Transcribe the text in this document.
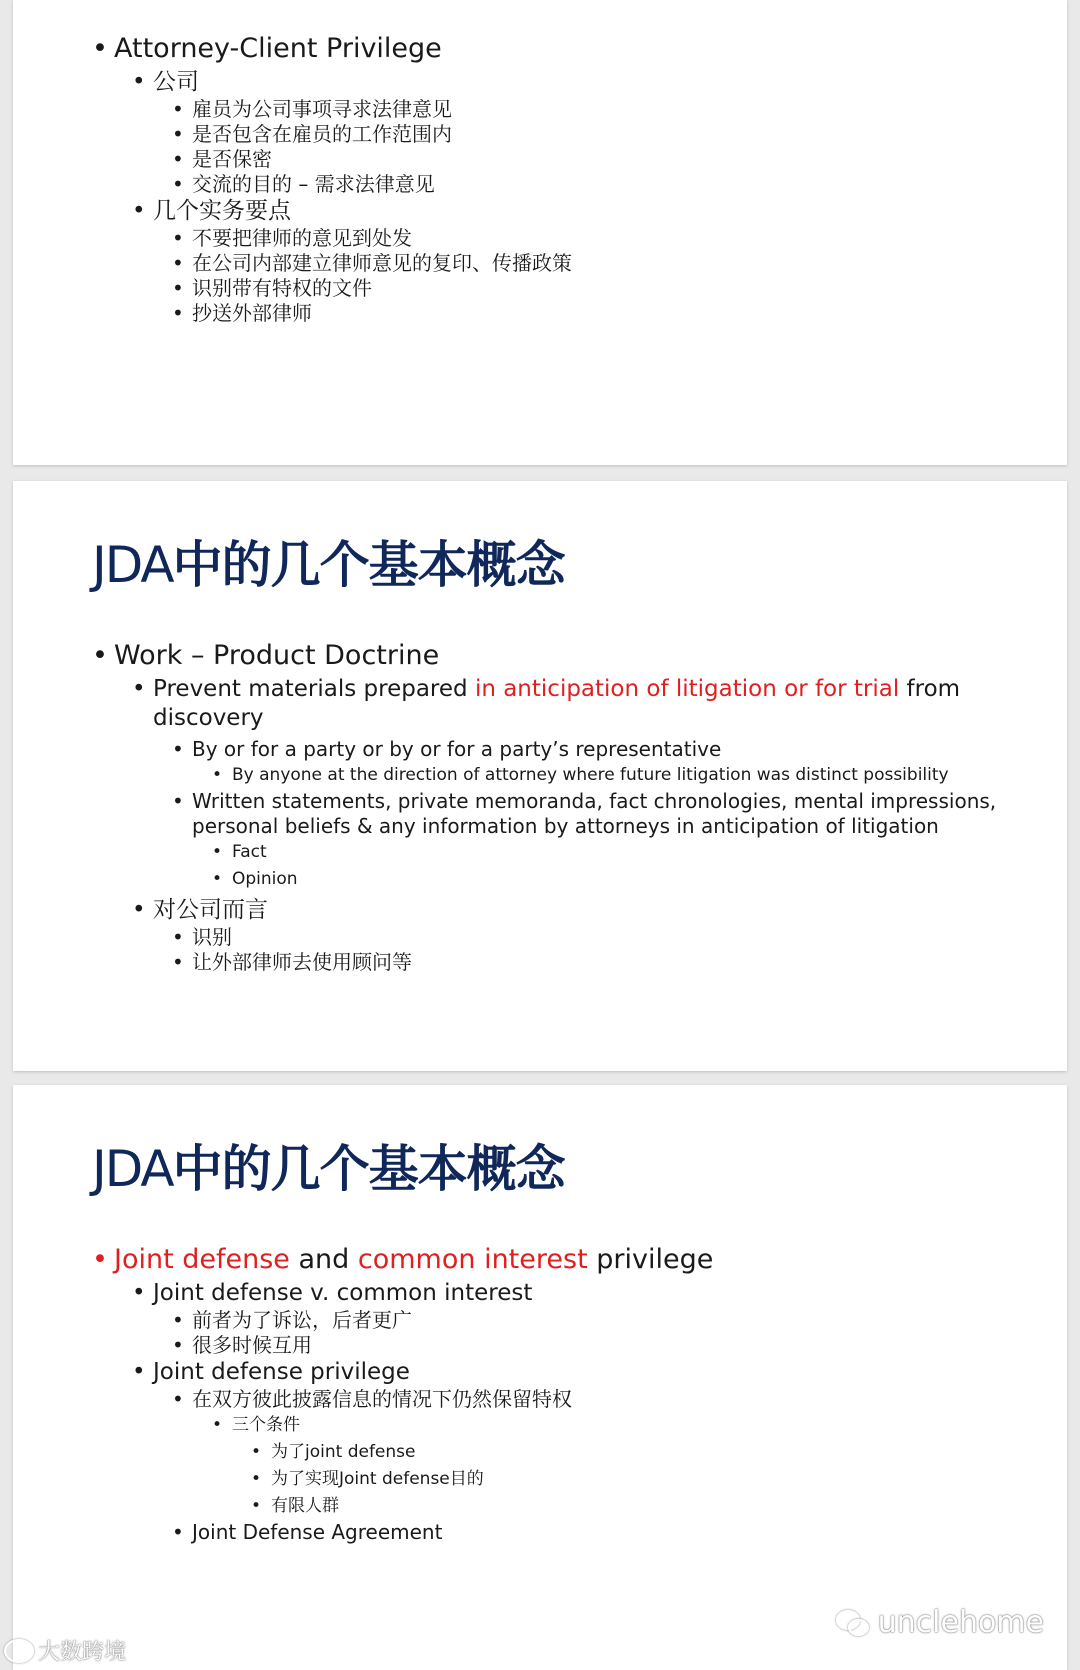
• Attorney-Client Privilege
• 公司
• 雇员为公司事项寻求法律意见
• 是否包含在雇员的工作范围内
• 是否保密
• 交流的目的 – 需求法律意见
• 几个实务要点
• 不要把律师的意见到处发
• 在公司内部建立律师意见的复印、传播政策
• 识别带有特权的文件
• 抄送外部律师
JDA中的几个基本概念
• Work – Product Doctrine
• Prevent materials prepared in anticipation of litigation or for trial from discovery
• By or for a party or by or for a party’s representative
• By anyone at the direction of attorney where future litigation was distinct possibility
• Written statements, private memoranda, fact chronologies, mental impressions, personal beliefs & any information by attorneys in anticipation of litigation
• Fact
• Opinion
• 对公司而言
• 识别
• 让外部律师去使用顾问等
JDA中的几个基本概念
• Joint defense and common interest privilege
• Joint defense v. common interest
• 前者为了诉讼，后者更广
• 很多时候互用
• Joint defense privilege
• 在双方彼此披露信息的情况下仍然保留特权
• 三个条件
• 为了joint defense
• 为了实现Joint defense目的
• 有限人群
• Joint Defense Agreement
大数跨境
unclehome
